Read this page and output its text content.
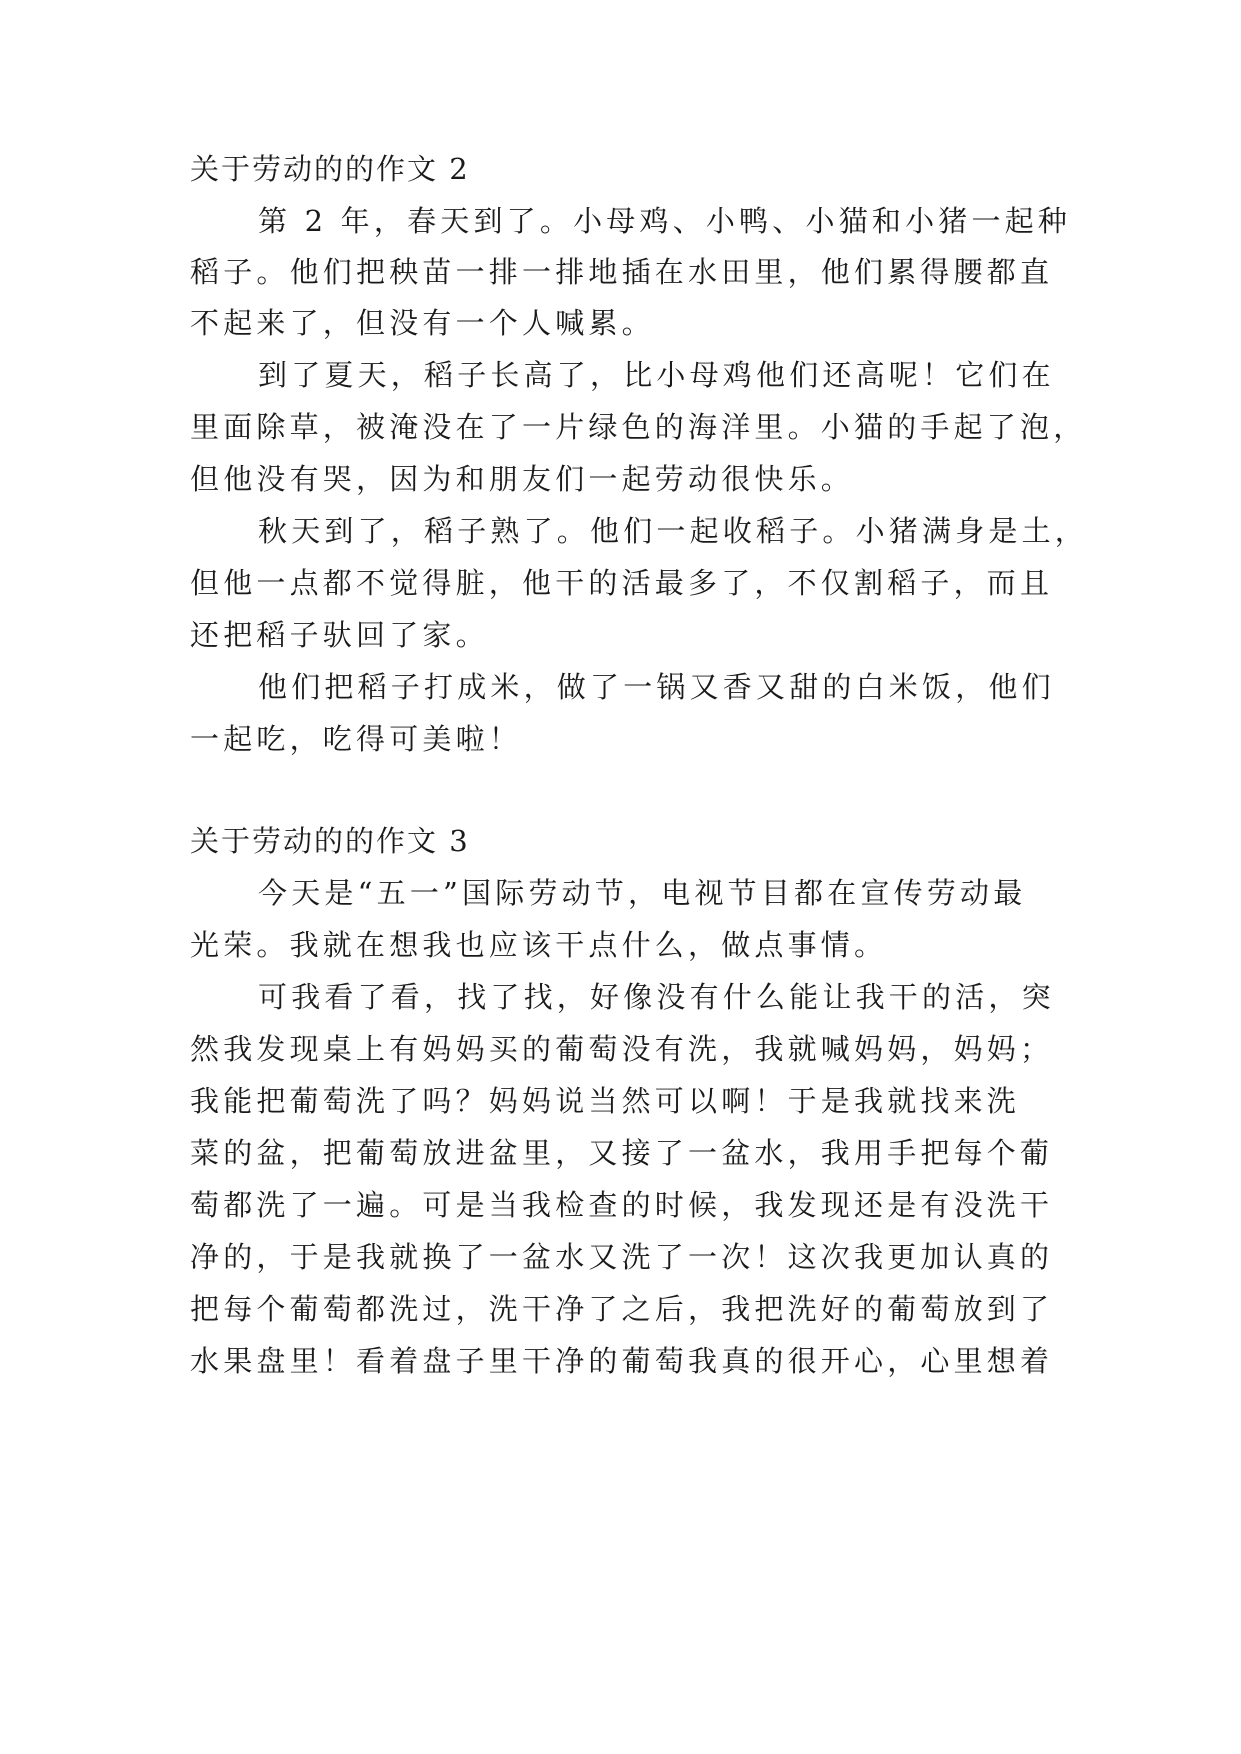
关于劳动的的作文 2
第 2 年，春天到了。小母鸡、小鸭、小猫和小猪一起种
稻子。他们把秧苗一排一排地插在水田里，他们累得腰都直
不起来了，但没有一个人喊累。
到了夏天，稻子长高了，比小母鸡他们还高呢！它们在
里面除草，被淹没在了一片绿色的海洋里。小猫的手起了泡，
但他没有哭，因为和朋友们一起劳动很快乐。
秋天到了，稻子熟了。他们一起收稻子。小猪满身是土，
但他一点都不觉得脏，他干的活最多了，不仅割稻子，而且
还把稻子驮回了家。
他们把稻子打成米，做了一锅又香又甜的白米饭，他们
一起吃，吃得可美啦！
关于劳动的的作文 3
今天是“五一”国际劳动节，电视节目都在宣传劳动最
光荣。我就在想我也应该干点什么，做点事情。
可我看了看，找了找，好像没有什么能让我干的活，突
然我发现桌上有妈妈买的葡萄没有洗，我就喊妈妈，妈妈；
我能把葡萄洗了吗？妈妈说当然可以啊！于是我就找来洗
菜的盆，把葡萄放进盆里，又接了一盆水，我用手把每个葡
萄都洗了一遍。可是当我检查的时候，我发现还是有没洗干
净的，于是我就换了一盆水又洗了一次！这次我更加认真的
把每个葡萄都洗过，洗干净了之后，我把洗好的葡萄放到了
水果盘里！看着盘子里干净的葡萄我真的很开心，心里想着
